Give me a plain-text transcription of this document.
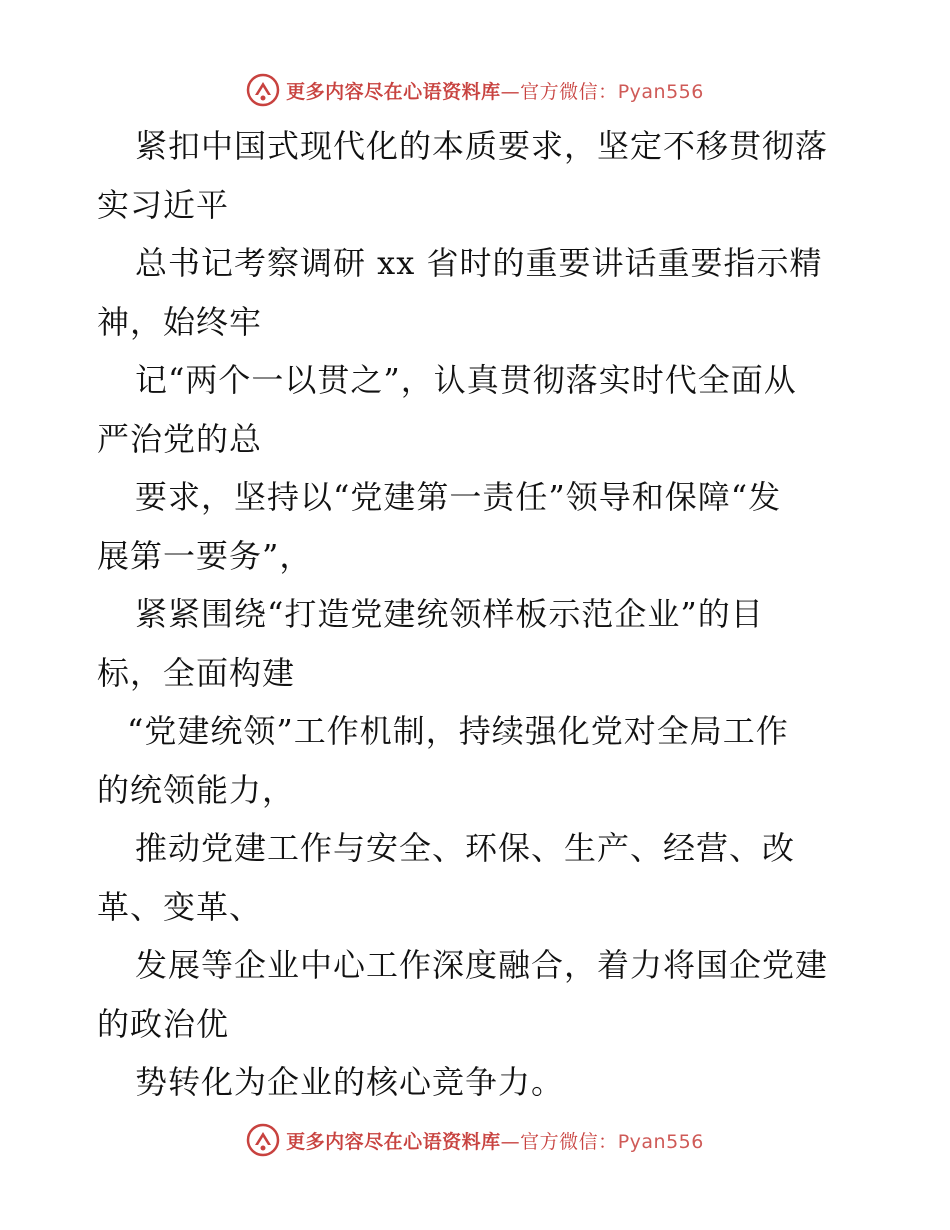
更多内容尽在心语资料库—官方微信：Pyan556
紧扣中国式现代化的本质要求，坚定不移贯彻落
实习近平
总书记考察调研 xx 省时的重要讲话重要指示精
神，始终牢
记“两个一以贯之”，认真贯彻落实时代全面从
严治党的总
要求，坚持以“党建第一责任”领导和保障“发
展第一要务”，
紧紧围绕“打造党建统领样板示范企业”的目
标，全面构建
“党建统领”工作机制，持续强化党对全局工作
的统领能力，
推动党建工作与安全、环保、生产、经营、改
革、变革、
发展等企业中心工作深度融合，着力将国企党建
的政治优
势转化为企业的核心竞争力。
更多内容尽在心语资料库—官方微信：Pyan556
